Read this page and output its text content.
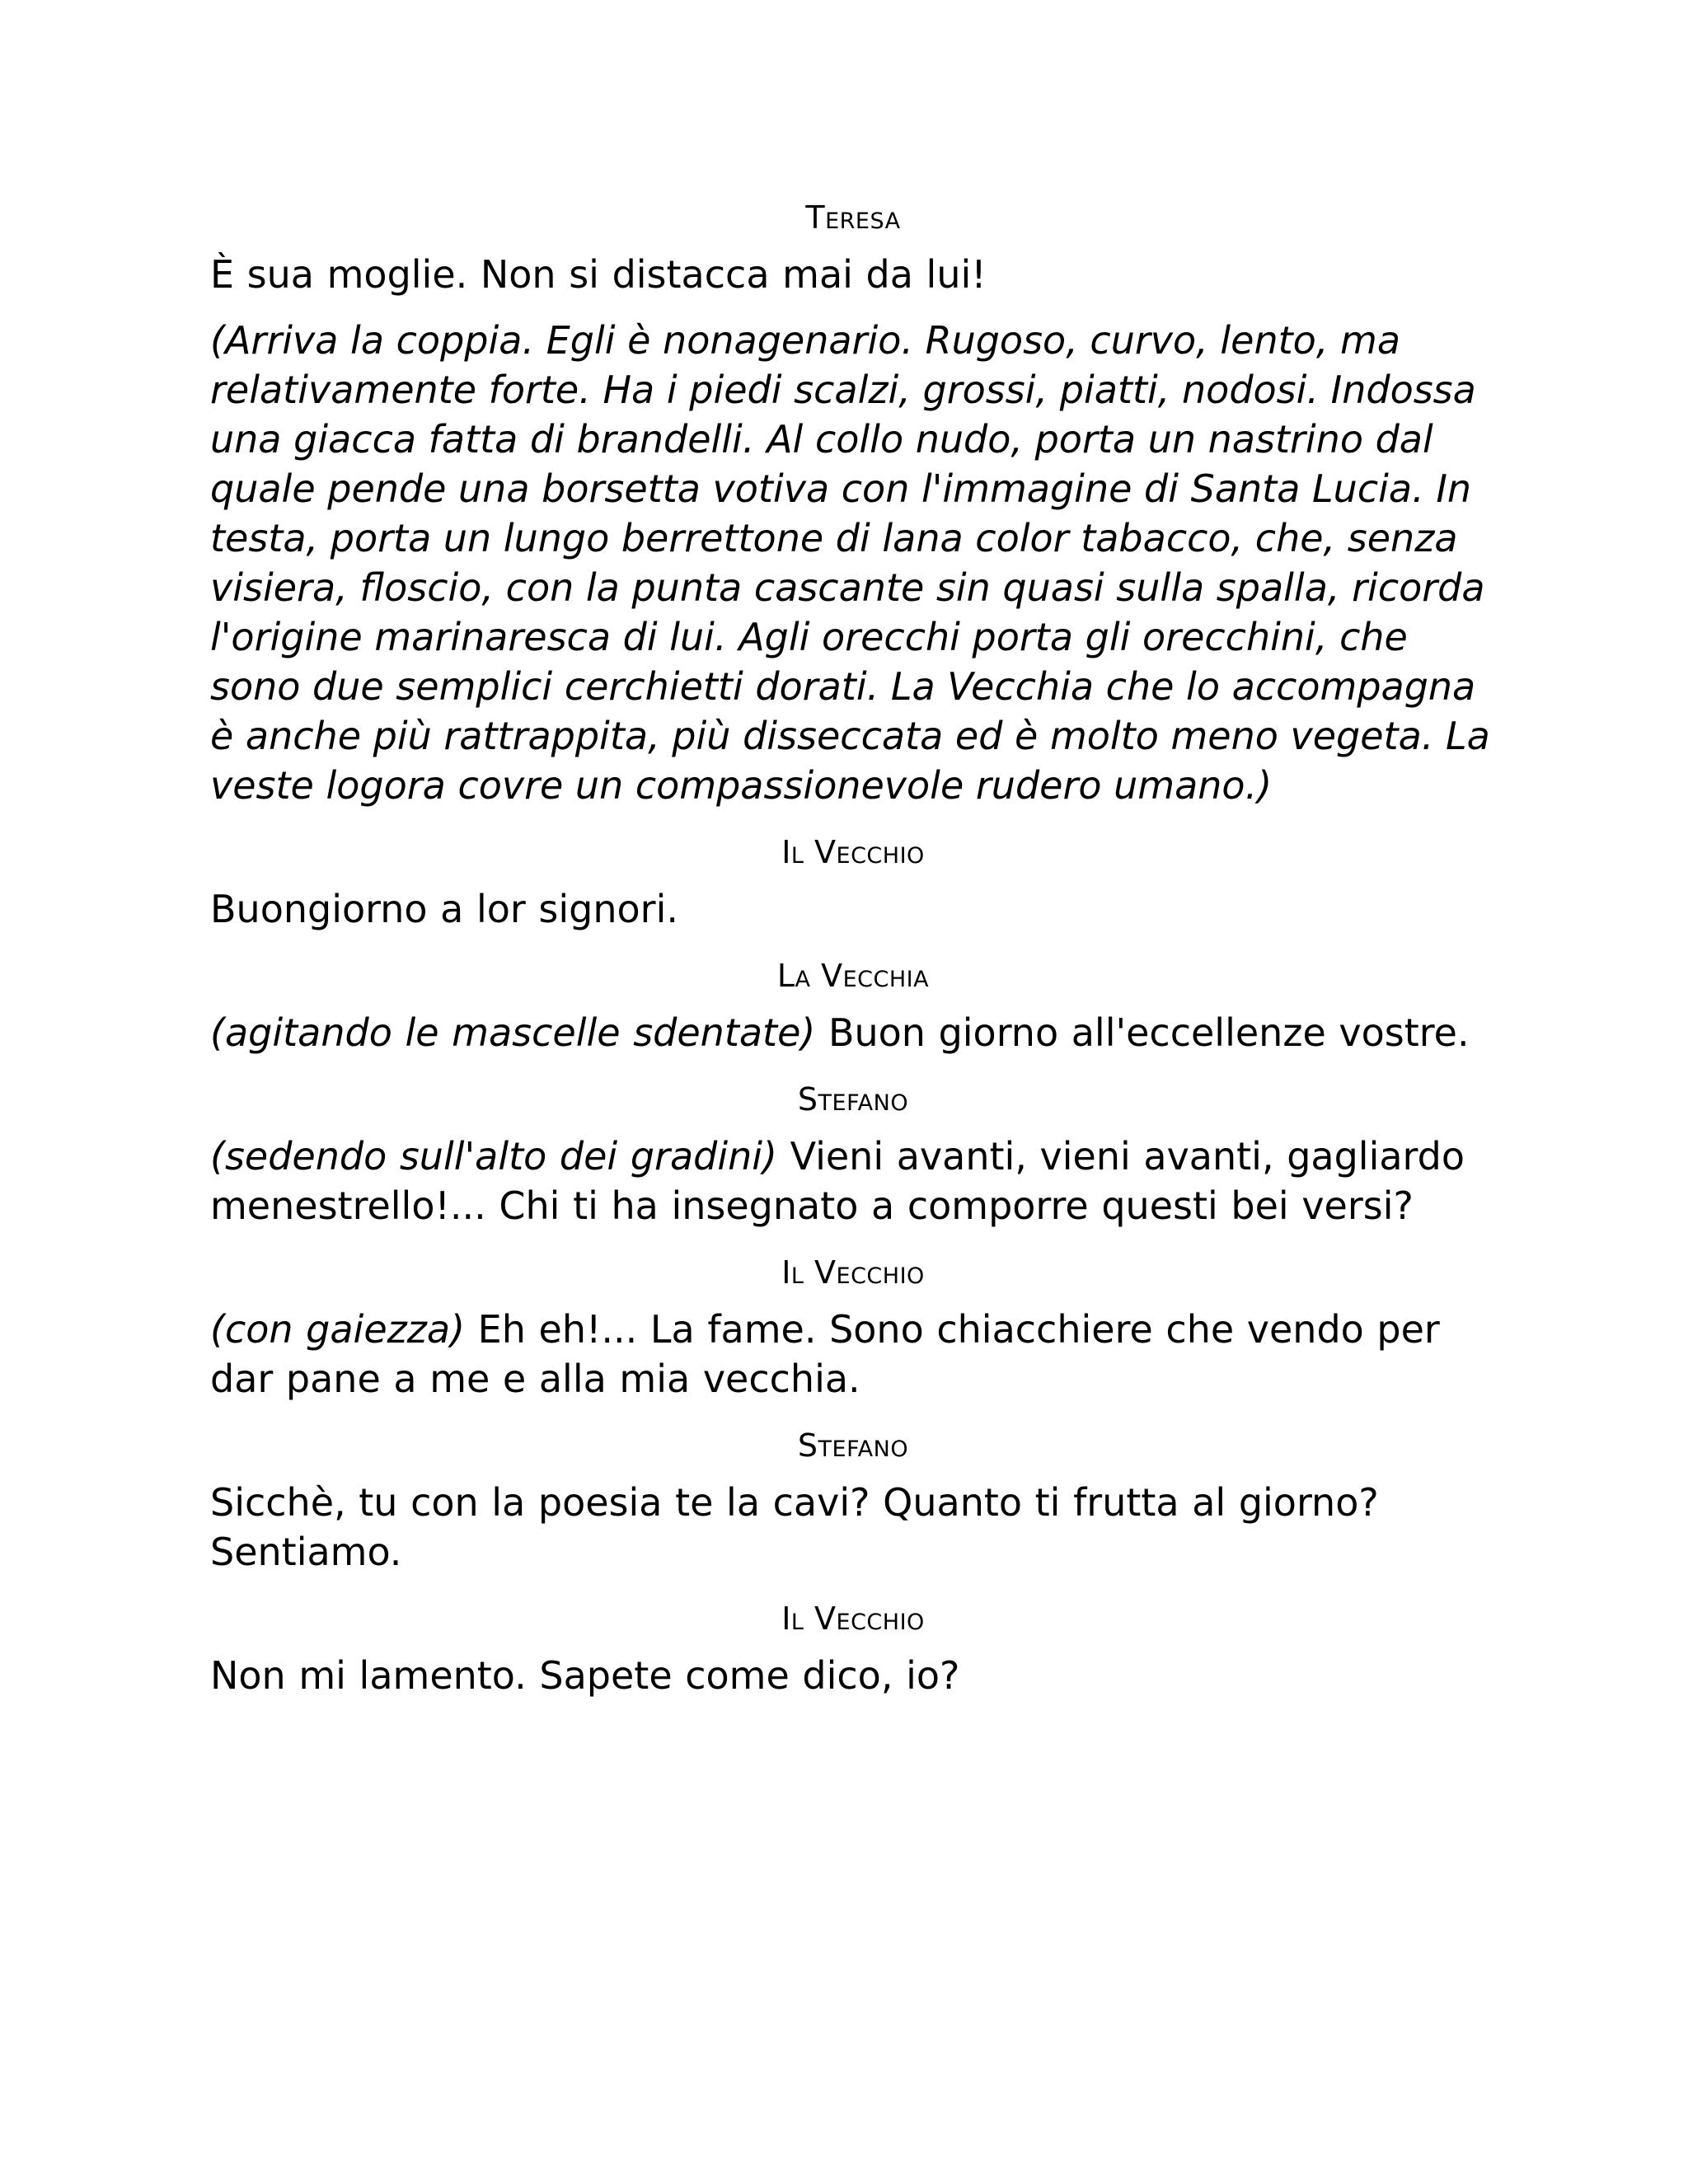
Teresa

È sua moglie. Non si distacca mai da lui!

(Arriva la coppia. Egli è nonagenario. Rugoso, curvo, lento, ma relativamente forte. Ha i piedi scalzi, grossi, piatti, nodosi. Indossa una giacca fatta di brandelli. Al collo nudo, porta un nastrino dal quale pende una borsetta votiva con l'immagine di Santa Lucia. In testa, porta un lungo berrettone di lana color tabacco, che, senza visiera, floscio, con la punta cascante sin quasi sulla spalla, ricorda l'origine marinaresca di lui. Agli orecchi porta gli orecchini, che sono due semplici cerchietti dorati. La Vecchia che lo accompagna è anche più rattrappita, più disseccata ed è molto meno vegeta. La veste logora covre un compassionevole rudero umano.)

Il Vecchio

Buongiorno a lor signori.

La Vecchia

(agitando le mascelle sdentate) Buon giorno all'eccellenze vostre.

Stefano

(sedendo sull'alto dei gradini) Vieni avanti, vieni avanti, gagliardo menestrello!... Chi ti ha insegnato a comporre questi bei versi?

Il Vecchio

(con gaiezza) Eh eh!... La fame. Sono chiacchiere che vendo per dar pane a me e alla mia vecchia.

Stefano

Sicchè, tu con la poesia te la cavi? Quanto ti frutta al giorno? Sentiamo.

Il Vecchio

Non mi lamento. Sapete come dico, io?
